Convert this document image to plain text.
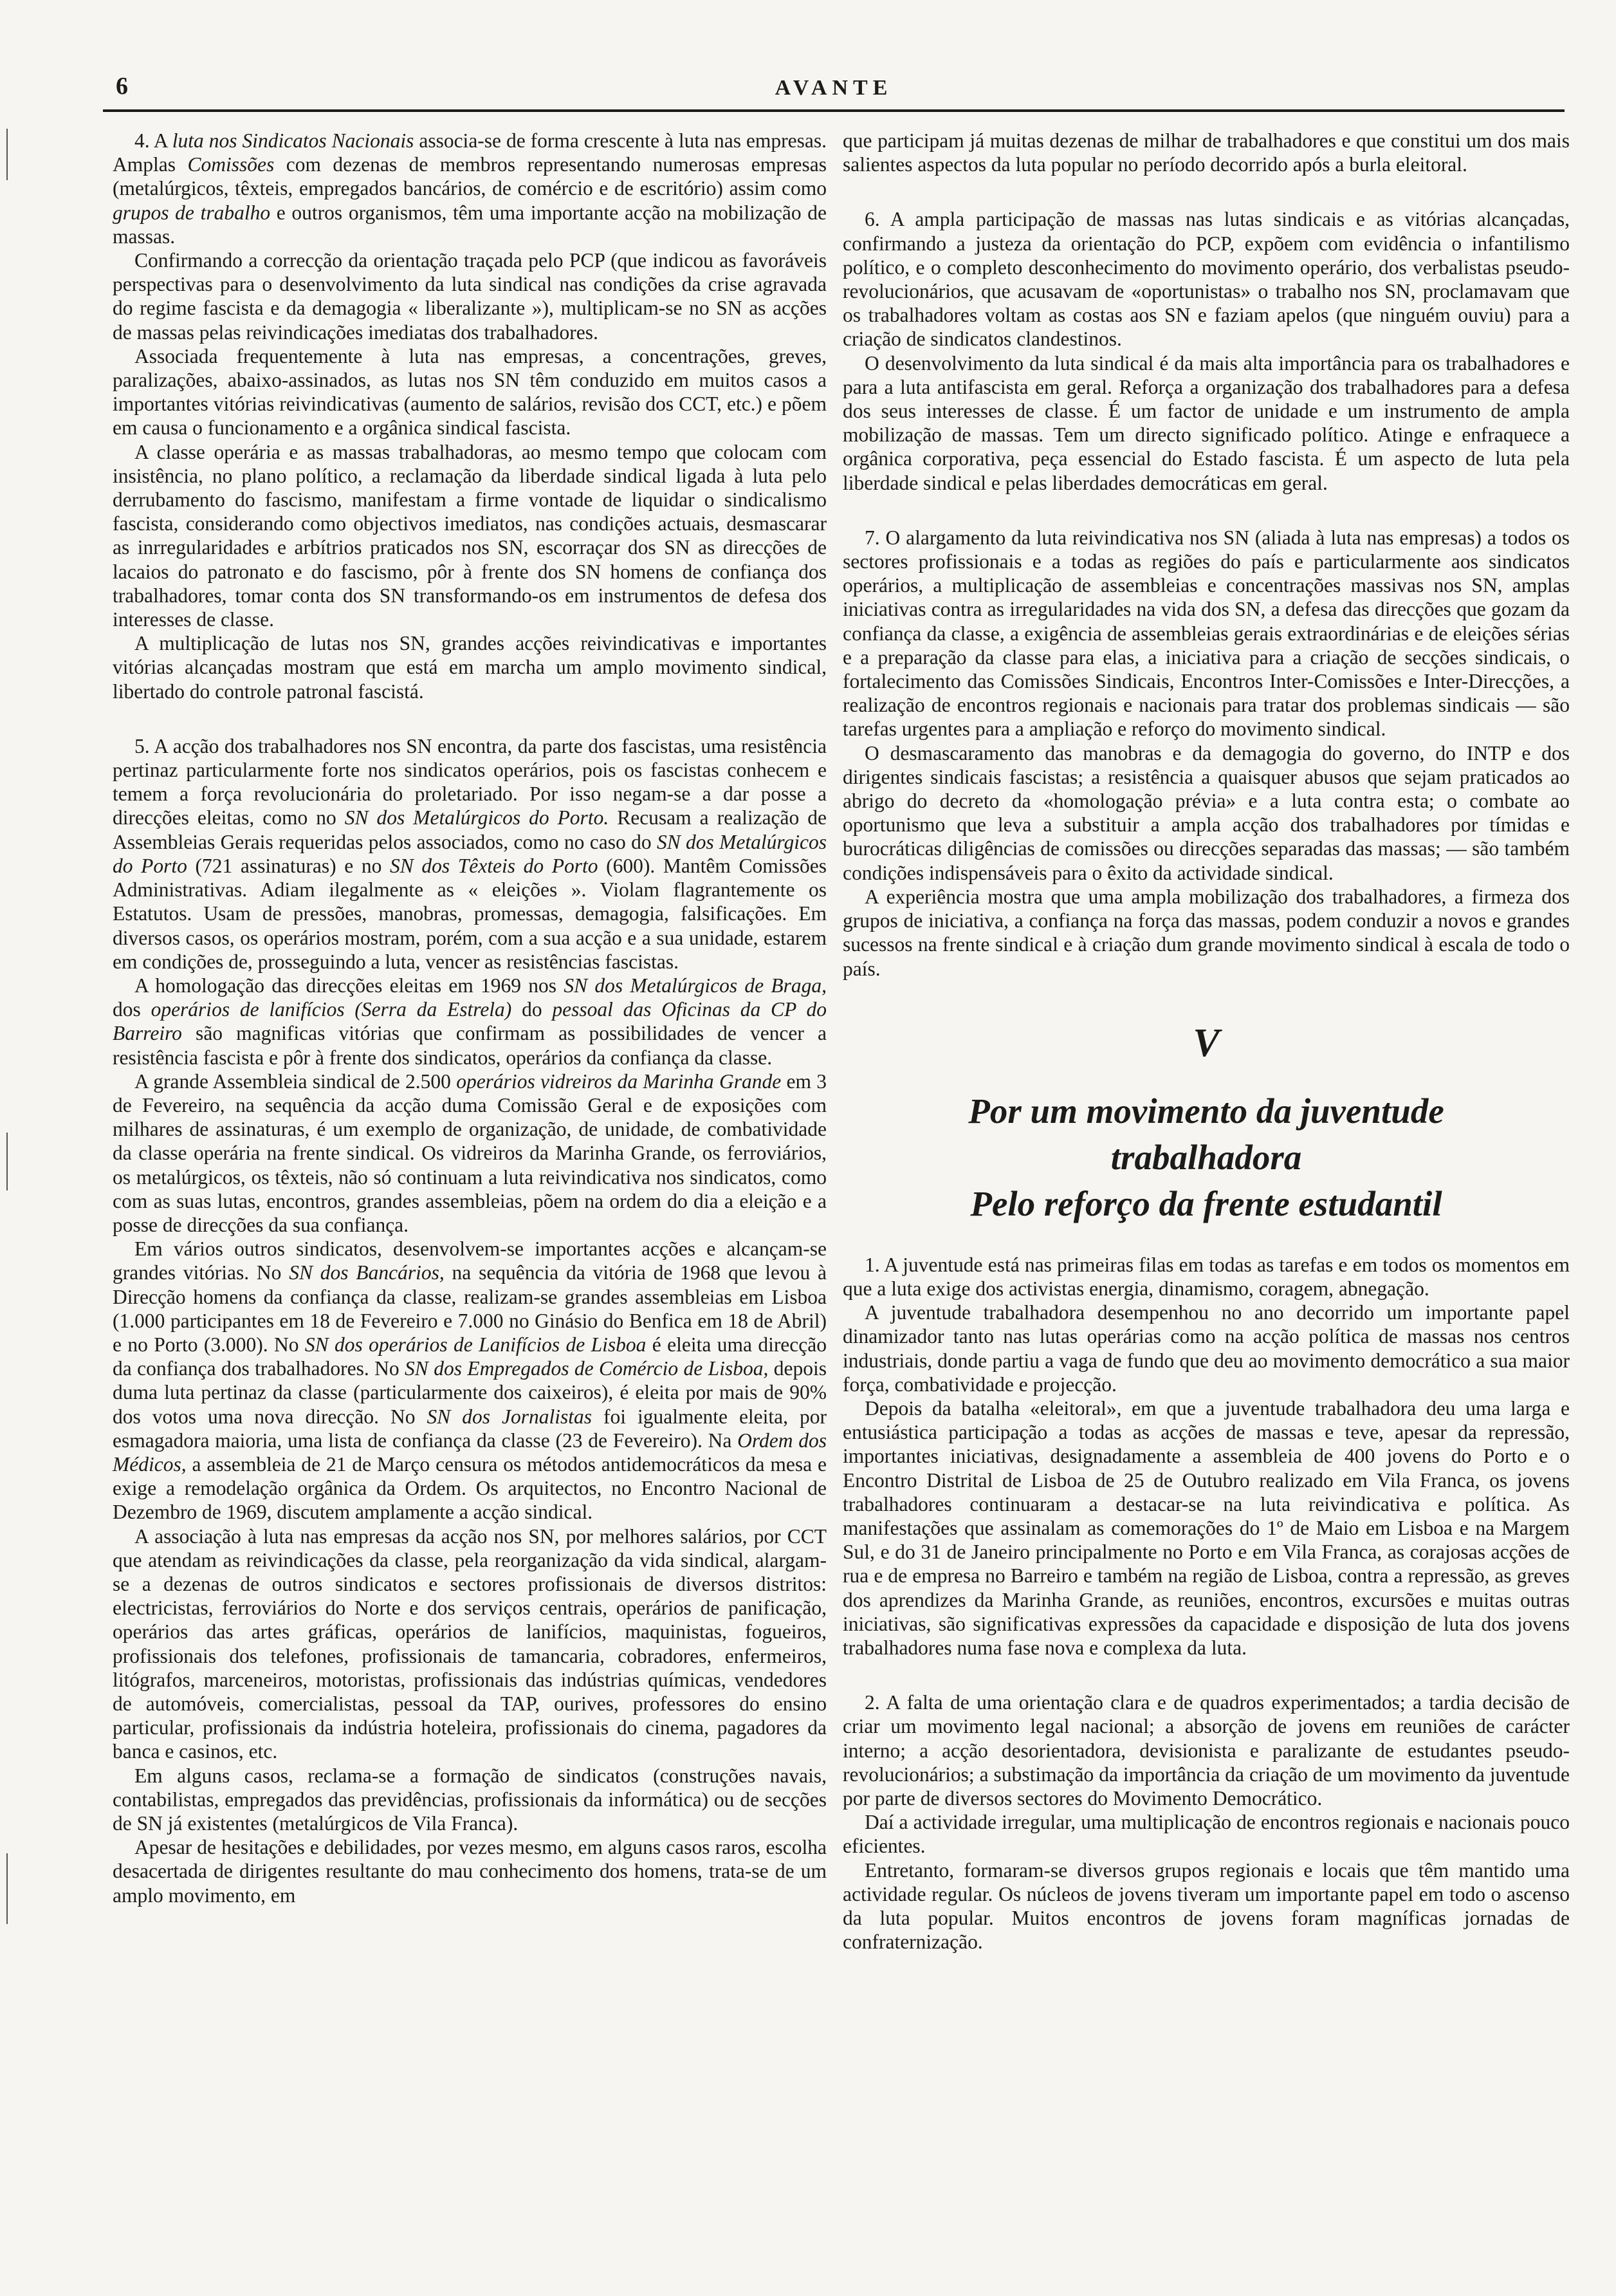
6	AVANTE

4. A luta nos Sindicatos Nacionais associa-se de forma crescente à luta nas empresas. Amplas Comissões com dezenas de membros representando numerosas empresas (metalúrgicos, têxteis, empregados bancários, de comércio e de escritório) assim como grupos de trabalho e outros organismos, têm uma importante acção na mobilização de massas.

Confirmando a correcção da orientação traçada pelo PCP (que indicou as favoráveis perspectivas para o desenvolvimento da luta sindical nas condições da crise agravada do regime fascista e da demagogia « liberalizante »), multiplicam-se no SN as acções de massas pelas reivindicações imediatas dos trabalhadores.

Associada frequentemente à luta nas empresas, a concentrações, greves, paralizações, abaixo-assinados, as lutas nos SN têm conduzido em muitos casos a importantes vitórias reivindicativas (aumento de salários, revisão dos CCT, etc.) e põem em causa o funcionamento e a orgânica sindical fascista.

A classe operária e as massas trabalhadoras, ao mesmo tempo que colocam com insistência, no plano político, a reclamação da liberdade sindical ligada à luta pelo derrubamento do fascismo, manifestam a firme vontade de liquidar o sindicalismo fascista, considerando como objectivos imediatos, nas condições actuais, desmascarar as inrregularidades e arbítrios praticados nos SN, escorraçar dos SN as direcções de lacaios do patronato e do fascismo, pôr à frente dos SN homens de confiança dos trabalhadores, tomar conta dos SN transformando-os em instrumentos de defesa dos interesses de classe.

A multiplicação de lutas nos SN, grandes acções reivindicativas e importantes vitórias alcançadas mostram que está em marcha um amplo movimento sindical, libertado do controle patronal fascistá.

5. A acção dos trabalhadores nos SN encontra, da parte dos fascistas, uma resistência pertinaz particularmente forte nos sindicatos operários, pois os fascistas conhecem e temem a força revolucionária do proletariado. Por isso negam-se a dar posse a direcções eleitas, como no SN dos Metalúrgicos do Porto. Recusam a realização de Assembleias Gerais requeridas pelos associados, como no caso do SN dos Metalúrgicos do Porto (721 assinaturas) e no SN dos Têxteis do Porto (600). Mantêm Comissões Administrativas. Adiam ilegalmente as « eleições ». Violam flagrantemente os Estatutos. Usam de pressões, manobras, promessas, demagogia, falsificações. Em diversos casos, os operários mostram, porém, com a sua acção e a sua unidade, estarem em condições de, prosseguindo a luta, vencer as resistências fascistas.

A homologação das direcções eleitas em 1969 nos SN dos Metalúrgicos de Braga, dos operários de lanifícios (Serra da Estrela) do pessoal das Oficinas da CP do Barreiro são magnificas vitórias que confirmam as possibilidades de vencer a resistência fascista e pôr à frente dos sindicatos, operários da confiança da classe.

A grande Assembleia sindical de 2.500 operários vidreiros da Marinha Grande em 3 de Fevereiro, na sequência da acção duma Comissão Geral e de exposições com milhares de assinaturas, é um exemplo de organização, de unidade, de combatividade da classe operária na frente sindical. Os vidreiros da Marinha Grande, os ferroviários, os metalúrgicos, os têxteis, não só continuam a luta reivindicativa nos sindicatos, como com as suas lutas, encontros, grandes assembleias, põem na ordem do dia a eleição e a posse de direcções da sua confiança.

Em vários outros sindicatos, desenvolvem-se importantes acções e alcançam-se grandes vitórias. No SN dos Bancários, na sequência da vitória de 1968 que levou à Direcção homens da confiança da classe, realizam-se grandes assembleias em Lisboa (1.000 participantes em 18 de Fevereiro e 7.000 no Ginásio do Benfica em 18 de Abril) e no Porto (3.000). No SN dos operários de Lanifícios de Lisboa é eleita uma direcção da confiança dos trabalhadores. No SN dos Empregados de Comércio de Lisboa, depois duma luta pertinaz da classe (particularmente dos caixeiros), é eleita por mais de 90% dos votos uma nova direcção. No SN dos Jornalistas foi igualmente eleita, por esmagadora maioria, uma lista de confiança da classe (23 de Fevereiro). Na Ordem dos Médicos, a assembleia de 21 de Março censura os métodos antidemocráticos da mesa e exige a remodelação orgânica da Ordem. Os arquitectos, no Encontro Nacional de Dezembro de 1969, discutem amplamente a acção sindical.

A associação à luta nas empresas da acção nos SN, por melhores salários, por CCT que atendam as reivindicações da classe, pela reorganização da vida sindical, alargam-se a dezenas de outros sindicatos e sectores profissionais de diversos distritos: electricistas, ferroviários do Norte e dos serviços centrais, operários de panificação, operários das artes gráficas, operários de lanifícios, maquinistas, fogueiros, profissionais dos telefones, profissionais de tamancaria, cobradores, enfermeiros, litógrafos, marceneiros, motoristas, profissionais das indústrias químicas, vendedores de automóveis, comercialistas, pessoal da TAP, ourives, professores do ensino particular, profissionais da indústria hoteleira, profissionais do cinema, pagadores da banca e casinos, etc.

Em alguns casos, reclama-se a formação de sindicatos (construções navais, contabilistas, empregados das previdências, profissionais da informática) ou de secções de SN já existentes (metalúrgicos de Vila Franca).

Apesar de hesitações e debilidades, por vezes mesmo, em alguns casos raros, escolha desacertada de dirigentes resultante do mau conhecimento dos homens, trata-se de um amplo movimento, em

que participam já muitas dezenas de milhar de trabalhadores e que constitui um dos mais salientes aspectos da luta popular no período decorrido após a burla eleitoral.

6. A ampla participação de massas nas lutas sindicais e as vitórias alcançadas, confirmando a justeza da orientação do PCP, expõem com evidência o infantilismo político, e o completo desconhecimento do movimento operário, dos verbalistas pseudo-revolucionários, que acusavam de «oportunistas» o trabalho nos SN, proclamavam que os trabalhadores voltam as costas aos SN e faziam apelos (que ninguém ouviu) para a criação de sindicatos clandestinos.

O desenvolvimento da luta sindical é da mais alta importância para os trabalhadores e para a luta antifascista em geral. Reforça a organização dos trabalhadores para a defesa dos seus interesses de classe. É um factor de unidade e um instrumento de ampla mobilização de massas. Tem um directo significado político. Atinge e enfraquece a orgânica corporativa, peça essencial do Estado fascista. É um aspecto de luta pela liberdade sindical e pelas liberdades democráticas em geral.

7. O alargamento da luta reivindicativa nos SN (aliada à luta nas empresas) a todos os sectores profissionais e a todas as regiões do país e particularmente aos sindicatos operários, a multiplicação de assembleias e concentrações massivas nos SN, amplas iniciativas contra as irregularidades na vida dos SN, a defesa das direcções que gozam da confiança da classe, a exigência de assembleias gerais extraordinárias e de eleições sérias e a preparação da classe para elas, a iniciativa para a criação de secções sindicais, o fortalecimento das Comissões Sindicais, Encontros Inter-Comissões e Inter-Direcções, a realização de encontros regionais e nacionais para tratar dos problemas sindicais — são tarefas urgentes para a ampliação e reforço do movimento sindical.

O desmascaramento das manobras e da demagogia do governo, do INTP e dos dirigentes sindicais fascistas; a resistência a quaisquer abusos que sejam praticados ao abrigo do decreto da «homologação prévia» e a luta contra esta; o combate ao oportunismo que leva a substituir a ampla acção dos trabalhadores por tímidas e burocráticas diligências de comissões ou direcções separadas das massas; — são também condições indispensáveis para o êxito da actividade sindical.

A experiência mostra que uma ampla mobilização dos trabalhadores, a firmeza dos grupos de iniciativa, a confiança na força das massas, podem conduzir a novos e grandes sucessos na frente sindical e à criação dum grande movimento sindical à escala de todo o país.

V
Por um movimento da juventude
trabalhadora
Pelo reforço da frente estudantil

1. A juventude está nas primeiras filas em todas as tarefas e em todos os momentos em que a luta exige dos activistas energia, dinamismo, coragem, abnegação.

A juventude trabalhadora desempenhou no ano decorrido um importante papel dinamizador tanto nas lutas operárias como na acção política de massas nos centros industriais, donde partiu a vaga de fundo que deu ao movimento democrático a sua maior força, combatividade e projecção.

Depois da batalha «eleitoral», em que a juventude trabalhadora deu uma larga e entusiástica participação a todas as acções de massas e teve, apesar da repressão, importantes iniciativas, designadamente a assembleia de 400 jovens do Porto e o Encontro Distrital de Lisboa de 25 de Outubro realizado em Vila Franca, os jovens trabalhadores continuaram a destacar-se na luta reivindicativa e política. As manifestações que assinalam as comemorações do 1º de Maio em Lisboa e na Margem Sul, e do 31 de Janeiro principalmente no Porto e em Vila Franca, as corajosas acções de rua e de empresa no Barreiro e também na região de Lisboa, contra a repressão, as greves dos aprendizes da Marinha Grande, as reuniões, encontros, excursões e muitas outras iniciativas, são significativas expressões da capacidade e disposição de luta dos jovens trabalhadores numa fase nova e complexa da luta.

2. A falta de uma orientação clara e de quadros experimentados; a tardia decisão de criar um movimento legal nacional; a absorção de jovens em reuniões de carácter interno; a acção desorientadora, devisionista e paralizante de estudantes pseudo-revolucionários; a substimação da importância da criação de um movimento da juventude por parte de diversos sectores do Movimento Democrático.

Daí a actividade irregular, uma multiplicação de encontros regionais e nacionais pouco eficientes.

Entretanto, formaram-se diversos grupos regionais e locais que têm mantido uma actividade regular. Os núcleos de jovens tiveram um importante papel em todo o ascenso da luta popular. Muitos encontros de jovens foram magníficas jornadas de confraternização.
